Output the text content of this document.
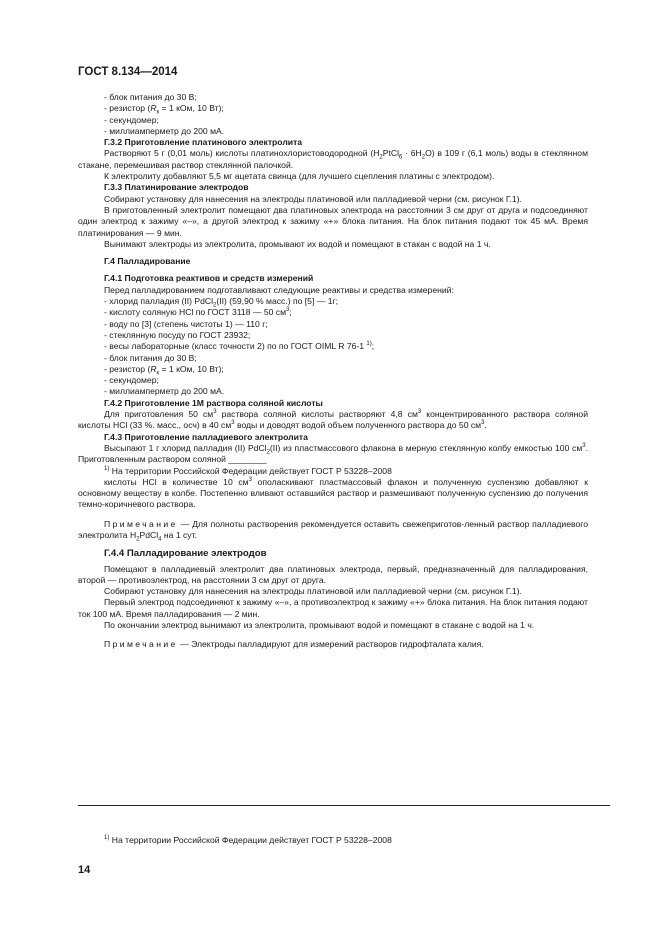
ГОСТ 8.134—2014
- блок питания до 30 В;
- резистор ($R_к = 1$ кОм, 10 Вт);
- секундомер;
- миллиамперметр до 200 мА.
Г.3.2 Приготовление платинового электролита
Растворяют 5 г (0,01 моль) кислоты платинохлористоводородной $(H_2PtCl_6 \cdot 6H_2O)$ в 109 г (6,1 моль) воды в стеклянном стакане, перемешивая раствор стеклянной палочкой.
К электролиту добавляют 5,5 мг ацетата свинца (для лучшего сцепления платины с электродом).
Г.3.3 Платинирование электродов
Собирают установку для нанесения на электроды платиновой или палладиевой черни (см. рисунок Г.1).
В приготовленный электролит помещают два платиновых электрода на расстоянии 3 см друг от друга и подсоединяют один электрод к зажиму «–», а другой электрод к зажиму «+» блока питания. На блок питания подают ток 45 мА. Время платинирования — 9 мин.
Вынимают электроды из электролита, промывают их водой и помещают в стакан с водой на 1 ч.
Г.4 Палладирование
Г.4.1 Подготовка реактивов и средств измерений
Перед палладированием подготавливают следующие реактивы и средства измерений:
- хлорид палладия (II) PdCl$_2$(II) (59,90 % масс.) по [5] — 1г;
- кислоту соляную HCl по ГОСТ 3118 — 50 $см^3$;
- воду по [3] (степень чистоты 1) — 110 г;
- стеклянную посуду по ГОСТ 23932;
- весы лабораторные (класс точности 2) по по ГОСТ OIML R 76-1 $^{1)}$;
- блок питания до 30 В;
- резистор ($R_к = 1$ кОм, 10 Вт);
- секундомер;
- миллиамперметр до 200 мА.
Г.4.2 Приготовление 1М раствора соляной кислоты
Для приготовления 50 $см^3$ раствора соляной кислоты растворяют 4,8 $см^3$ концентрированного раствора соляной кислоты HCl (33 %. масс., осч) в 40 $см^3$ воды и доводят водой объем полученного раствора до 50 $см^3$.
Г.4.3 Приготовление палладиевого электролита
Высыпают 1 г хлорид палладия (II) PdCl$_2$(II) из пластмассового флакона в мерную стеклянную колбу емкостью 100 $см^3$. Приготовленным раствором соляной ________
$^{1)}$ На территории Российской Федерации действует ГОСТ Р 53228–2008
кислоты HCl в количестве 10 $см^3$ ополаскивают пластмассовый флакон и полученную суспензию добавляют к основному веществу в колбе. Постепенно вливают оставшийся раствор и размешивают полученную суспензию до получения темно-коричневого раствора.
Примечание — Для полноты растворения рекомендуется оставить свежеприготов-ленный раствор палладиевого электролита $H_2PdCl_4$ на 1 сут.
Г.4.4 Палладирование электродов
Помещают в палладиевый электролит два платиновых электрода, первый, предназначенный для палладирования, второй — противоэлектрод, на расстоянии 3 см друг от друга.
Собирают установку для нанесения на электроды платиновой или палладиевой черни (см. рисунок Г.1).
Первый электрод подсоединяют к зажиму «–», а противоэлектрод к зажиму «+» блока питания. На блок питания подают ток 100 мА. Время палладирования — 2 мин.
По окончании электрод вынимают из электролита, промывают водой и помещают в стакане с водой на 1 ч.
Примечание — Электроды палладируют для измерений растворов гидрофталата калия.
$^{1)}$ На территории Российской Федерации действует ГОСТ Р 53228–2008
14
